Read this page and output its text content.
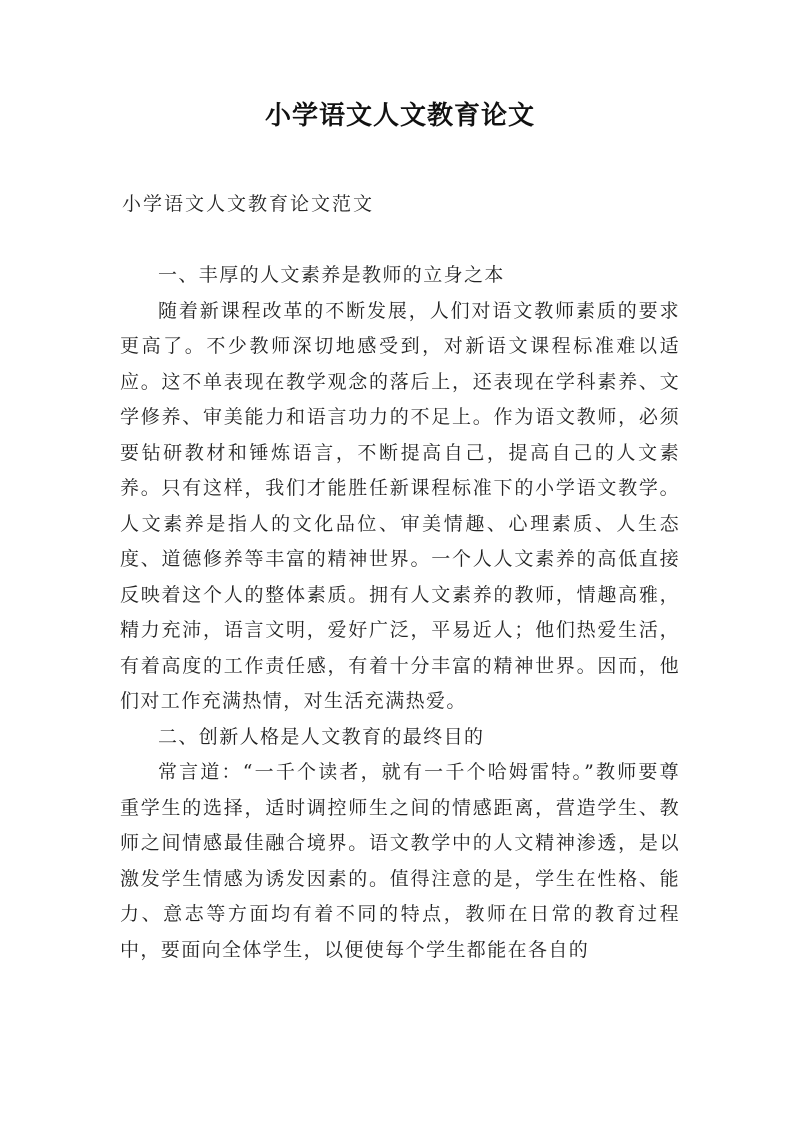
小学语文人文教育论文
小学语文人文教育论文范文

一、丰厚的人文素养是教师的立身之本

随着新课程改革的不断发展，人们对语文教师素质的要求更高了。不少教师深切地感受到，对新语文课程标准难以适应。这不单表现在教学观念的落后上，还表现在学科素养、文学修养、审美能力和语言功力的不足上。作为语文教师，必须要钻研教材和锤炼语言，不断提高自己，提高自己的人文素养。只有这样，我们才能胜任新课程标准下的小学语文教学。人文素养是指人的文化品位、审美情趣、心理素质、人生态度、道德修养等丰富的精神世界。一个人人文素养的高低直接反映着这个人的整体素质。拥有人文素养的教师，情趣高雅，精力充沛，语言文明，爱好广泛，平易近人；他们热爱生活，有着高度的工作责任感，有着十分丰富的精神世界。因而，他们对工作充满热情，对生活充满热爱。

二、创新人格是人文教育的最终目的

常言道：“一千个读者，就有一千个哈姆雷特。”教师要尊重学生的选择，适时调控师生之间的情感距离，营造学生、教师之间情感最佳融合境界。语文教学中的人文精神渗透，是以激发学生情感为诱发因素的。值得注意的是，学生在性格、能力、意志等方面均有着不同的特点，教师在日常的教育过程中，要面向全体学生，以便使每个学生都能在各自的
